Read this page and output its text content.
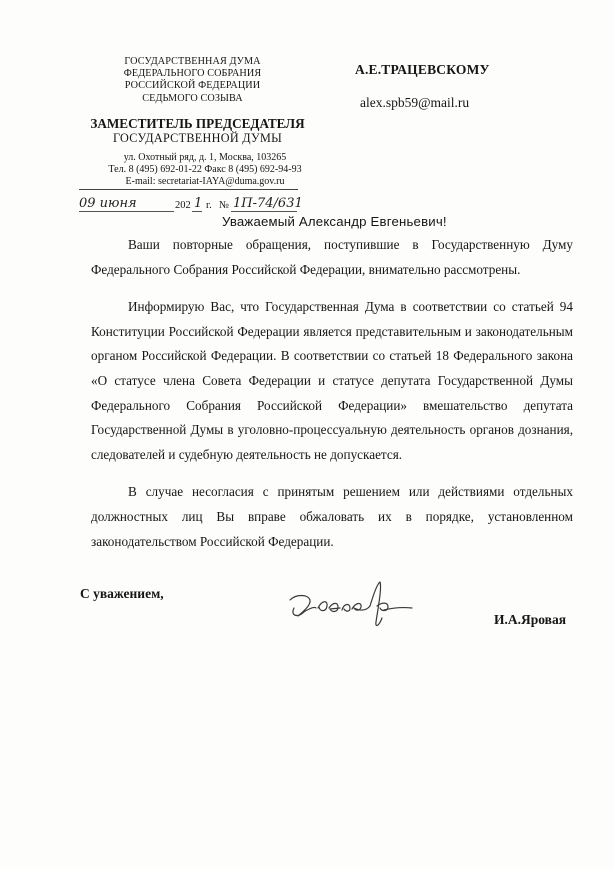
ГОСУДАРСТВЕННАЯ ДУМА
ФЕДЕРАЛЬНОГО СОБРАНИЯ
РОССИЙСКОЙ ФЕДЕРАЦИИ
СЕДЬМОГО СОЗЫВА
ЗАМЕСТИТЕЛЬ ПРЕДСЕДАТЕЛЯ
ГОСУДАРСТВЕННОЙ ДУМЫ
ул. Охотный ряд, д. 1, Москва, 103265
Тел. 8 (495) 692-01-22 Факс 8 (495) 692-94-93
E-mail: secretariat-IAYA@duma.gov.ru
09 июня	202 1 г. № 1П-74/631
А.Е.ТРАЦЕВСКОМУ
alex.spb59@mail.ru
Уважаемый Александр Евгеньевич!

Ваши повторные обращения, поступившие в Государственную Думу Федерального Собрания Российской Федерации, внимательно рассмотрены.

Информирую Вас, что Государственная Дума в соответствии со статьей 94 Конституции Российской Федерации является представительным и законодательным органом Российской Федерации. В соответствии со статьей 18 Федерального закона «О статусе члена Совета Федерации и статусе депутата Государственной Думы Федерального Собрания Российской Федерации» вмешательство депутата Государственной Думы в уголовно-процессуальную деятельность органов дознания, следователей и судебную деятельность не допускается.

В случае несогласия с принятым решением или действиями отдельных должностных лиц Вы вправе обжаловать их в порядке, установленном законодательством Российской Федерации.

С уважением,
И.А.Яровая
